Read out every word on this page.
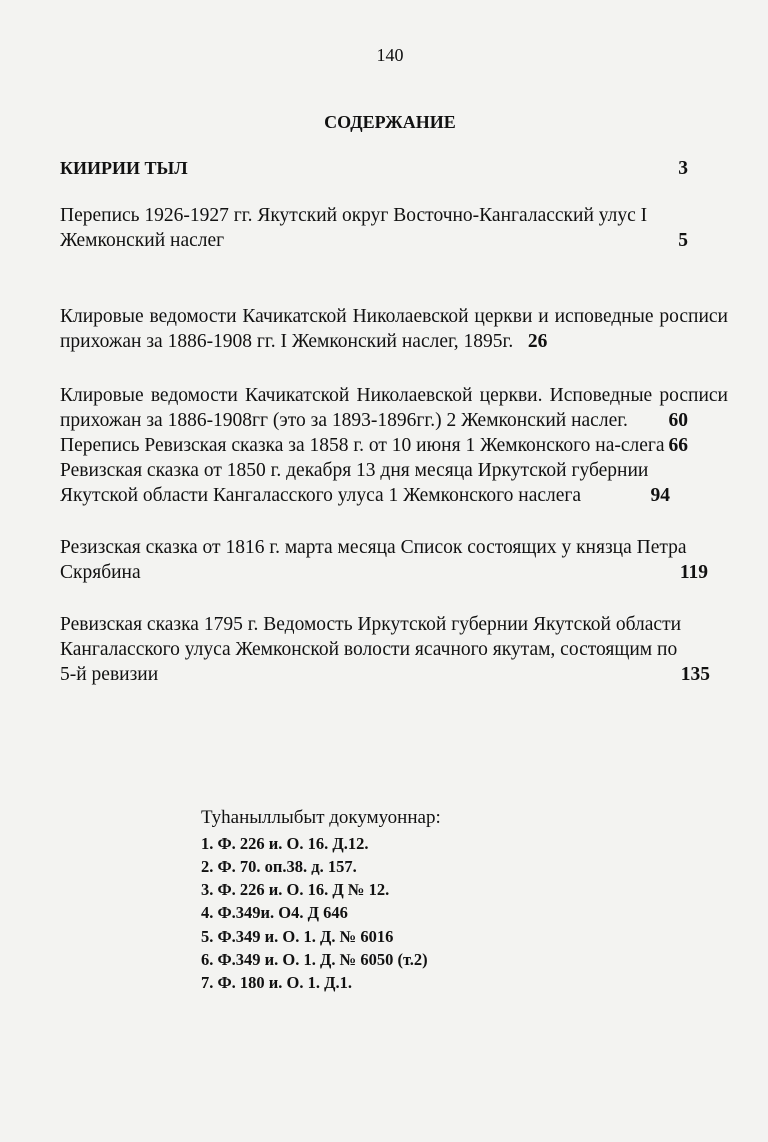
140
СОДЕРЖАНИЕ
КИИРИИ ТЫЛ	3
Перепись 1926-1927 гг. Якутский округ Восточно-Кангаласский улус I Жемконский наслег	5
Клировые ведомости Качикатской Николаевской церкви и исповедные росписи прихожан за 1886-1908 гг. I Жемконский наслег, 1895г. 26
Клировые ведомости Качикатской Николаевской церкви. Исповедные росписи прихожан за 1886-1908гг (это за 1893-1896гг.) 2 Жемконский наслег.	60
Перепись Ревизская сказка за 1858 г. от 10 июня 1 Жемконского на-слега 66
Ревизская сказка от 1850 г. декабря 13 дня месяца Иркутской губернии Якутской области Кангаласского улуса 1 Жемконского наслега	94
Резизская сказка от 1816 г. марта месяца Список состоящих у князца Петра Скрябина	119
Ревизская сказка 1795 г. Ведомость Иркутской губернии Якутской области Кангаласского улуса Жемконской волости ясачного якутам, состоящим по 5-й ревизии	135
Туhаныллыбыт докумуоннар:
1. Ф. 226 и. О. 16. Д.12.
2. Ф. 70. оп.38. д. 157.
3. Ф. 226 и. О. 16. Д № 12.
4. Ф.349и. О4. Д 646
5. Ф.349 и. О. 1. Д. № 6016
6. Ф.349 и. О. 1. Д. № 6050 (т.2)
7. Ф. 180 и. О. 1. Д.1.
